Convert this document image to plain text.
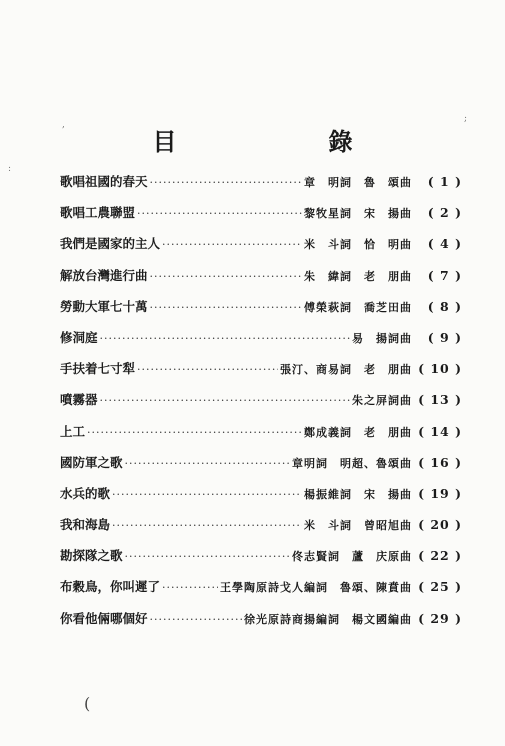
,
:
;
目　錄
歌唱祖國的春天 ·····	章　明詞　魯　頌曲	( 1 )
歌唱工農聯盟 ·····	黎牧星詞　宋　揚曲	( 2 )
我們是國家的主人 ·····	米　斗詞　恰　明曲	( 4 )
解放台灣進行曲 ·····	朱　緯詞　老　朋曲	( 7 )
勞動大軍七十萬 ·····	傅榮萩詞　喬芝田曲	( 8 )
修洞庭 ·····	易　揚詞曲	( 9 )
手扶着七寸犁 ·····	張汀、商易詞　老　朋曲 ( 10 )
噴霧器 ·····	朱之屏詞曲 ( 13 )
上工 ·····	鄭成義詞　老　朋曲 ( 14 )
國防軍之歌 ·····	章明詞　明超、魯頌曲 ( 16 )
水兵的歌 ·····	楊振維詞　宋　揚曲 ( 19 )
我和海島 ·····	米　斗詞　曾昭旭曲 ( 20 )
勘探隊之歌 ·····	佟志賢詞　蘆　庆原曲 ( 22 )
布穀鳥，你叫遲了 ·····	王學陶原詩戈人編詞　魯頌、陳賁曲 ( 25 )
你看他倆哪個好 ·····	徐光原詩商揚編詞　楊文國編曲 ( 29 )
(
